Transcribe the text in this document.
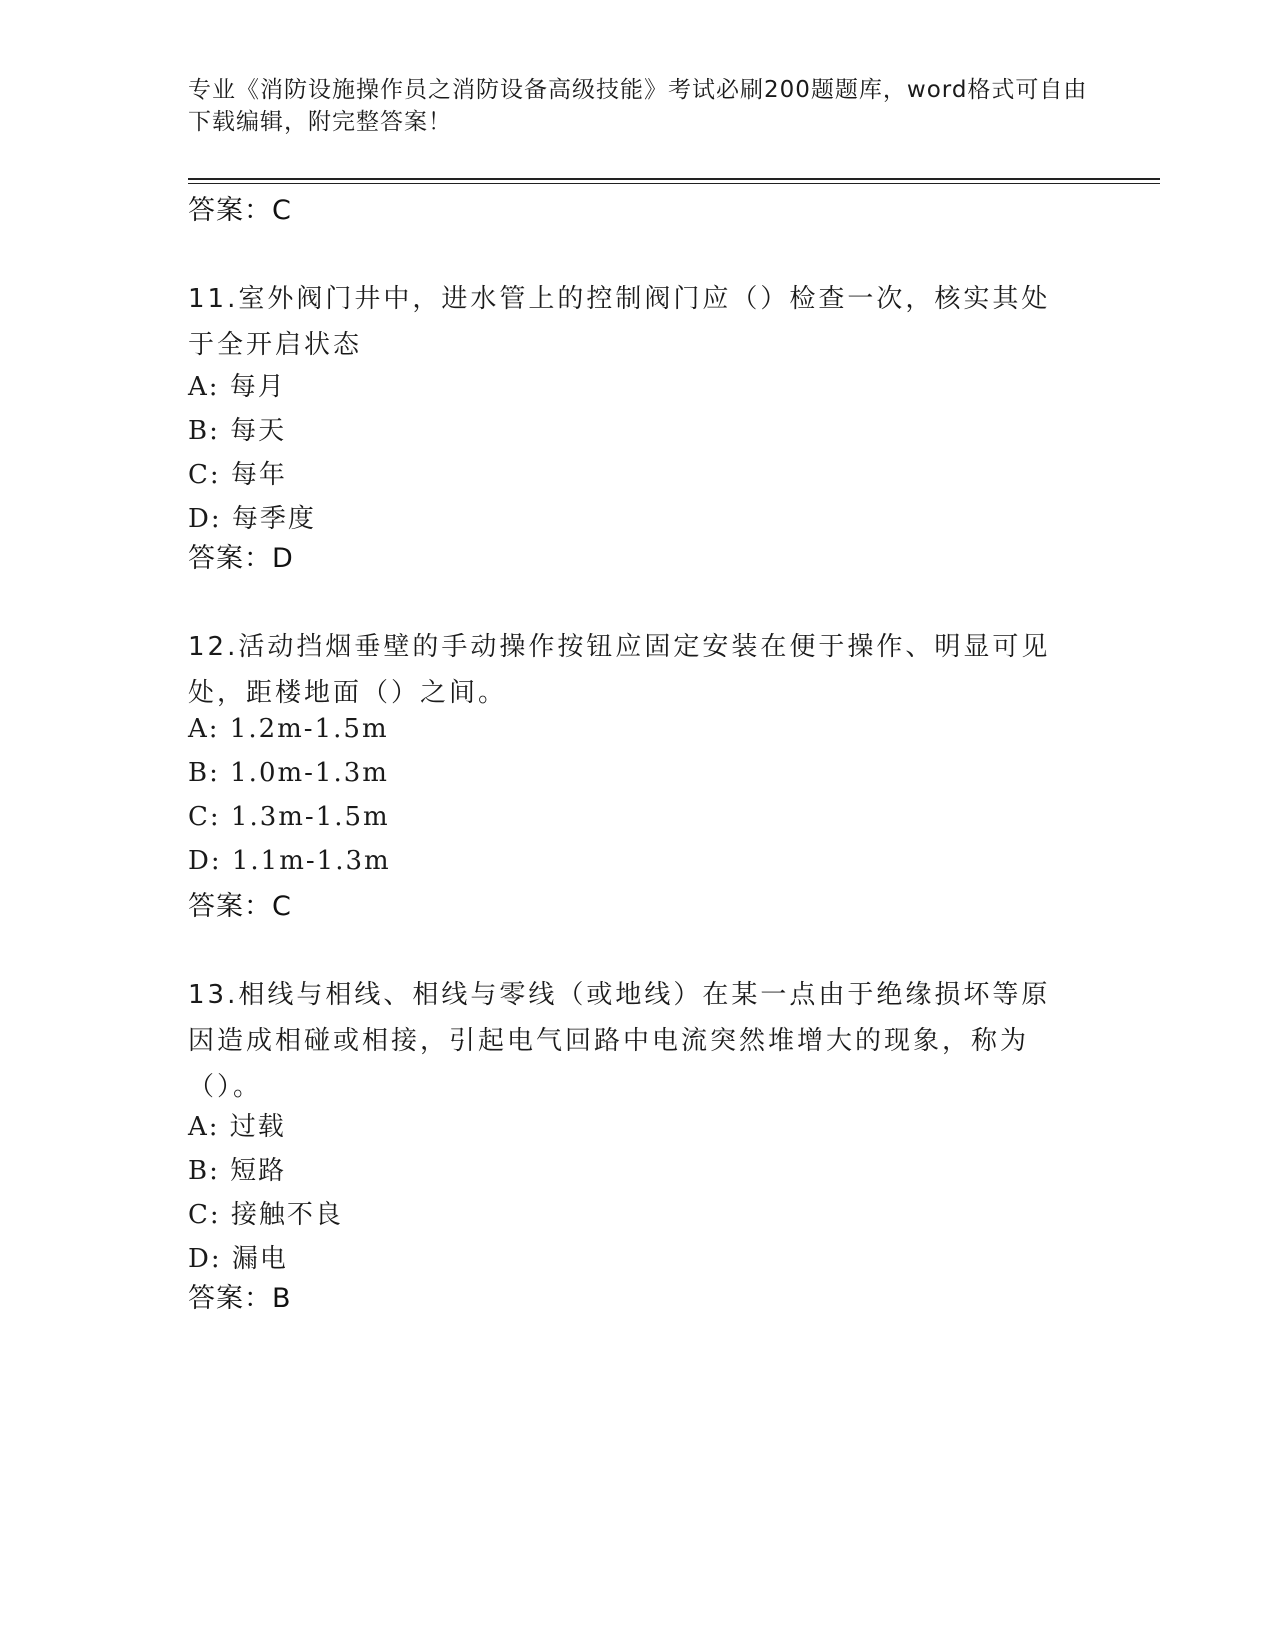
专业《消防设施操作员之消防设备高级技能》考试必刷200题题库，word格式可自由下载编辑，附完整答案！
答案：C

11.室外阀门井中，进水管上的控制阀门应（）检查一次，核实其处于全开启状态

A: 每月
B: 每天
C: 每年
D: 每季度
答案：D

12.活动挡烟垂壁的手动操作按钮应固定安装在便于操作、明显可见处，距楼地面（）之间。

A: 1.2m-1.5m
B: 1.0m-1.3m
C: 1.3m-1.5m
D: 1.1m-1.3m
答案：C

13.相线与相线、相线与零线（或地线）在某一点由于绝缘损坏等原因造成相碰或相接，引起电气回路中电流突然堆增大的现象，称为（）。

A: 过载
B: 短路
C: 接触不良
D: 漏电
答案：B
